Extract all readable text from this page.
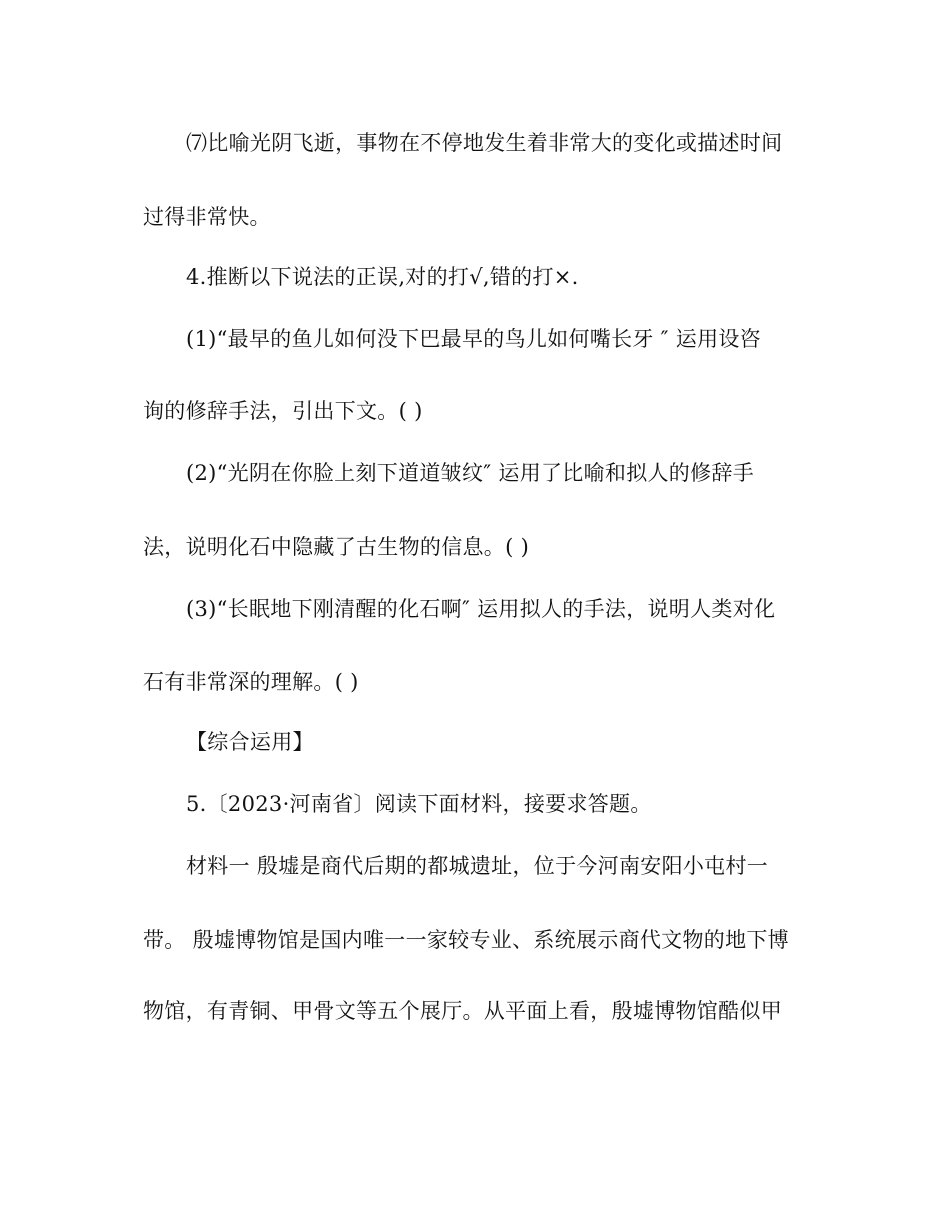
⑺比喻光阴飞逝，事物在不停地发生着非常大的变化或描述时间
过得非常快。
4.推断以下说法的正误,对的打√,错的打×.
(1)“最早的鱼儿如何没下巴最早的鸟儿如何嘴长牙 ″ 运用设咨
询的修辞手法，引出下文。( )
(2)“光阴在你脸上刻下道道皱纹″ 运用了比喻和拟人的修辞手
法，说明化石中隐藏了古生物的信息。( )
(3)“长眠地下刚清醒的化石啊″ 运用拟人的手法，说明人类对化
石有非常深的理解。( )
【综合运用】
5.〔2023·河南省〕阅读下面材料，接要求答题。
材料一 殷墟是商代后期的都城遗址，位于今河南安阳小屯村一
带。 殷墟博物馆是国内唯一一家较专业、系统展示商代文物的地下博
物馆，有青铜、甲骨文等五个展厅。从平面上看，殷墟博物馆酷似甲
